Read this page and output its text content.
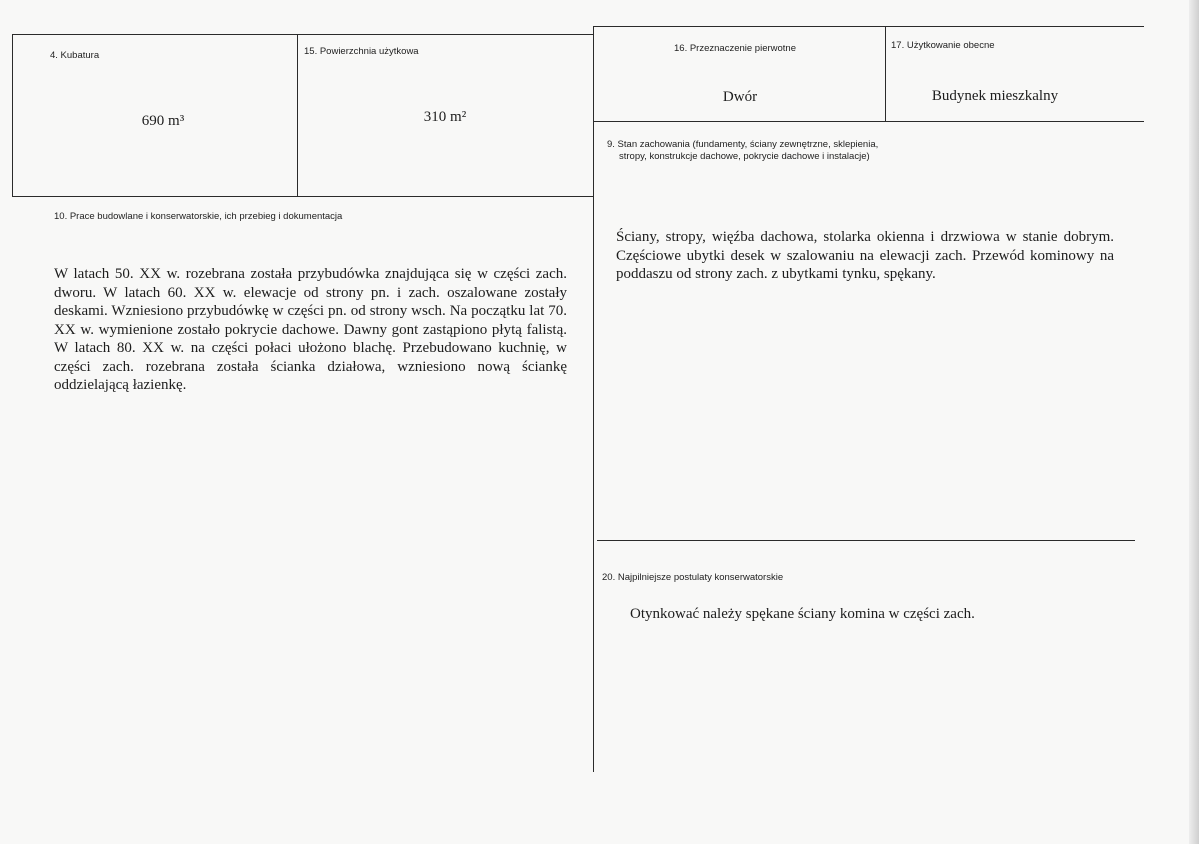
4. Kubatura
690 m³
15. Powierzchnia użytkowa
310 m²
16. Przeznaczenie pierwotne
Dwór
17. Użytkowanie obecne
Budynek mieszkalny
9. Stan zachowania (fundamenty, ściany zewnętrzne, sklepienia,
stropy, konstrukcje dachowe, pokrycie dachowe i instalacje)
Ściany, stropy, więźba dachowa, stolarka okienna i drzwiowa w stanie dobrym. Częściowe ubytki desek w szalowaniu na elewacji zach. Przewód kominowy na poddaszu od strony zach. z ubytkami tynku, spękany.
10. Prace budowlane i konserwatorskie, ich przebieg i dokumentacja
W latach 50. XX w. rozebrana została przybudówka znajdująca się w części zach. dworu. W latach 60. XX w. elewacje od strony pn. i zach. oszalowane zostały deskami. Wzniesiono przybudówkę w części pn. od strony wsch. Na początku lat 70. XX w. wymienione zostało pokrycie dachowe. Dawny gont zastąpiono płytą falistą. W latach 80. XX w. na części połaci ułożono blachę. Przebudowano kuchnię, w części zach. rozebrana została ścianka działowa, wzniesiono nową ściankę oddzielającą łazienkę.
20. Najpilniejsze postulaty konserwatorskie
Otynkować należy spękane ściany komina w części zach.
